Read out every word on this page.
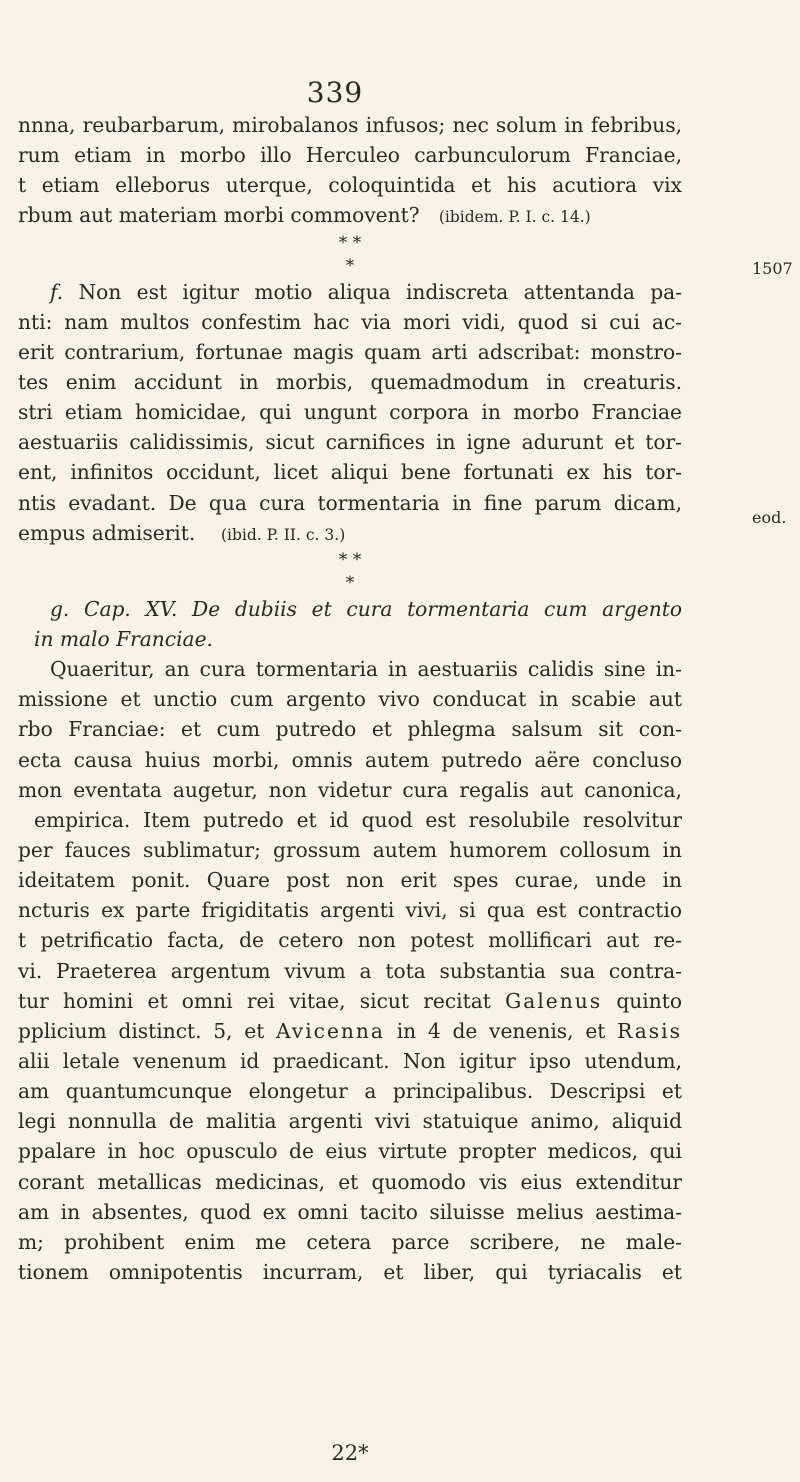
339
1507
eod.
nnna, reubarbarum, mirobalanos infusos; nec solum in febribus,
rum etiam in morbo illo Herculeo carbunculorum Franciae,
t etiam elleborus uterque, coloquintida et his acutiora vix
rbum aut materiam morbi commovent? (ibidem. P. I. c. 14.)
* *
*
f. Non est igitur motio aliqua indiscreta attentanda pa-
nti: nam multos confestim hac via mori vidi, quod si cui ac-
erit contrarium, fortunae magis quam arti adscribat: monstro-
tes enim accidunt in morbis, quemadmodum in creaturis.
stri etiam homicidae, qui ungunt corpora in morbo Franciae
aestuariis calidissimis, sicut carnifices in igne adurunt et tor-
ent, infinitos occidunt, licet aliqui bene fortunati ex his tor-
ntis evadant. De qua cura tormentaria in fine parum dicam,
empus admiserit. (ibid. P. II. c. 3.)
* *
*
g. Cap. XV. De dubiis et cura tormentaria cum argento
in malo Franciae.
Quaeritur, an cura tormentaria in aestuariis calidis sine in-
missione et unctio cum argento vivo conducat in scabie aut
rbo Franciae: et cum putredo et phlegma salsum sit con-
ecta causa huius morbi, omnis autem putredo aëre concluso
mon eventata augetur, non videtur cura regalis aut canonica,
empirica. Item putredo et id quod est resolubile resolvitur
per fauces sublimatur; grossum autem humorem collosum in
ideitatem ponit. Quare post non erit spes curae, unde in
ncturis ex parte frigiditatis argenti vivi, si qua est contractio
t petrificatio facta, de cetero non potest mollificari aut re-
vi. Praeterea argentum vivum a tota substantia sua contra-
tur homini et omni rei vitae, sicut recitat Galenus quinto
pplicium distinct. 5, et Avicenna in 4 de venenis, et Rasis
alii letale venenum id praedicant. Non igitur ipso utendum,
am quantumcunque elongetur a principalibus. Descripsi et
legi nonnulla de malitia argenti vivi statuique animo, aliquid
ppalare in hoc opusculo de eius virtute propter medicos, qui
corant metallicas medicinas, et quomodo vis eius extenditur
am in absentes, quod ex omni tacito siluisse melius aestima-
m; prohibent enim me cetera parce scribere, ne male-
tionem omnipotentis incurram, et liber, qui tyriacalis et
22*
